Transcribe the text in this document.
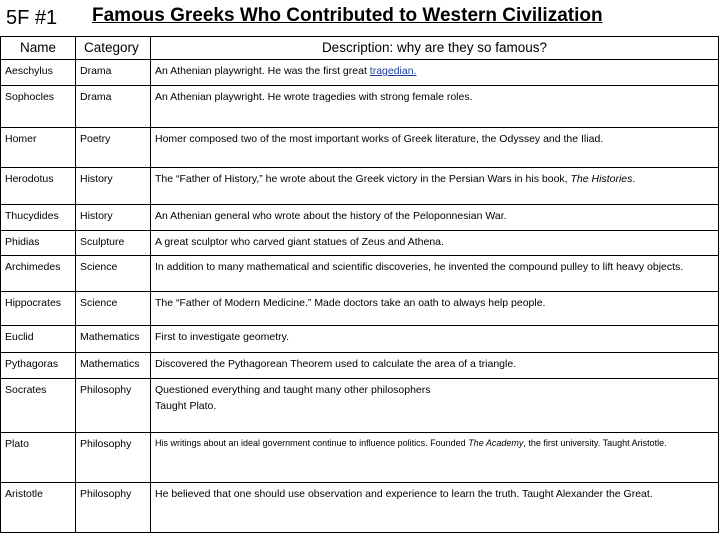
5F #1 Famous Greeks Who Contributed to Western Civilization
Name	Category	Description: why are they so famous?
Aeschylus	Drama	An Athenian playwright. He was the first great tragedian.
Sophocles	Drama	An Athenian playwright. He wrote tragedies with strong female roles.
Homer	Poetry	Homer composed two of the most important works of Greek literature, the Odyssey and the Iliad.
Herodotus	History	The “Father of History,” he wrote about the Greek victory in the Persian Wars in his book, The Histories.
Thucydides	History	An Athenian general who wrote about the history of the Peloponnesian War.
Phidias	Sculpture	A great sculptor who carved giant statues of Zeus and Athena.
Archimedes	Science	In addition to many mathematical and scientific discoveries, he invented the compound pulley to lift heavy objects.
Hippocrates	Science	The “Father of Modern Medicine.” Made doctors take an oath to always help people.
Euclid	Mathematics	First to investigate geometry.
Pythagoras	Mathematics	Discovered the Pythagorean Theorem used to calculate the area of a triangle.
Socrates	Philosophy	Questioned everything and taught many other philosophers
Taught Plato.
Plato	Philosophy	His writings about an ideal government continue to influence politics. Founded The Academy, the first university. Taught Aristotle.
Aristotle	Philosophy	He believed that one should use observation and experience to learn the truth. Taught Alexander the Great.
